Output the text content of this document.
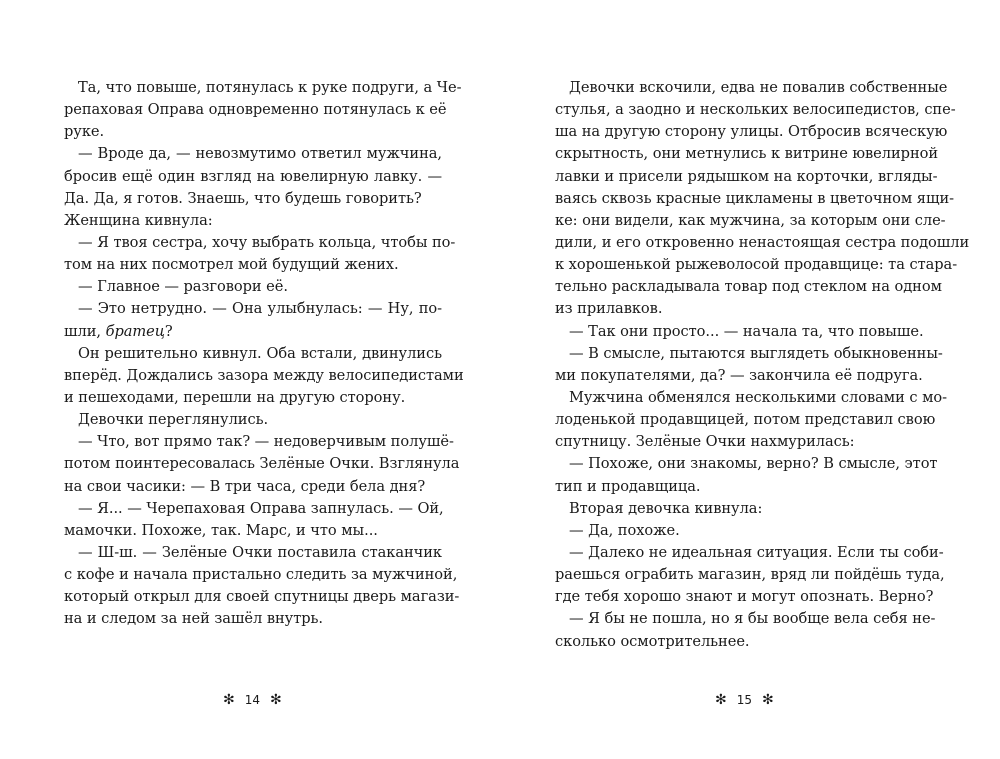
Та, что повыше, потянулась к руке подруги, а Че-
репаховая Оправа одновременно потянулась к её
руке.
— Вроде да, — невозмутимо ответил мужчина,
бросив ещё один взгляд на ювелирную лавку. —
Да. Да, я готов. Знаешь, что будешь говорить?
Женщина кивнула:
— Я твоя сестра, хочу выбрать кольца, чтобы по-
том на них посмотрел мой будущий жених.
— Главное — разговори её.
— Это нетрудно. — Она улыбнулась: — Ну, по-
шли, братец?
Он решительно кивнул. Оба встали, двинулись
вперёд. Дождались зазора между велосипедистами
и пешеходами, перешли на другую сторону.
Девочки переглянулись.
— Что, вот прямо так? — недоверчивым полушё-
потом поинтересовалась Зелёные Очки. Взглянула
на свои часики: — В три часа, среди бела дня?
— Я... — Черепаховая Оправа запнулась. — Ой,
мамочки. Похоже, так. Марс, и что мы...
— Ш-ш. — Зелёные Очки поставила стаканчик
с кофе и начала пристально следить за мужчиной,
который открыл для своей спутницы дверь магази-
на и следом за ней зашёл внутрь.
✻ 14 ✻
Девочки вскочили, едва не повалив собственные
стулья, а заодно и нескольких велосипедистов, спе-
ша на другую сторону улицы. Отбросив всяческую
скрытность, они метнулись к витрине ювелирной
лавки и присели рядышком на корточки, вгляды-
ваясь сквозь красные цикламены в цветочном ящи-
ке: они видели, как мужчина, за которым они сле-
дили, и его откровенно ненастоящая сестра подошли
к хорошенькой рыжеволосой продавщице: та старa-
тельно раскладывала товар под стеклом на одном
из прилавков.
— Так они просто... — начала та, что повыше.
— В смысле, пытаются выглядеть обыкновенны-
ми покупателями, да? — закончила её подруга.
Мужчина обменялся несколькими словами с мо-
лоденькой продавщицей, потом представил свою
спутницу. Зелёные Очки нахмурилась:
— Похоже, они знакомы, верно? В смысле, этот
тип и продавщица.
Вторая девочка кивнула:
— Да, похоже.
— Далеко не идеальная ситуация. Если ты соби-
раешься ограбить магазин, вряд ли пойдёшь туда,
где тебя хорошо знают и могут опознать. Верно?
— Я бы не пошла, но я бы вообще вела себя не-
сколько осмотрительнее.
✻ 15 ✻
